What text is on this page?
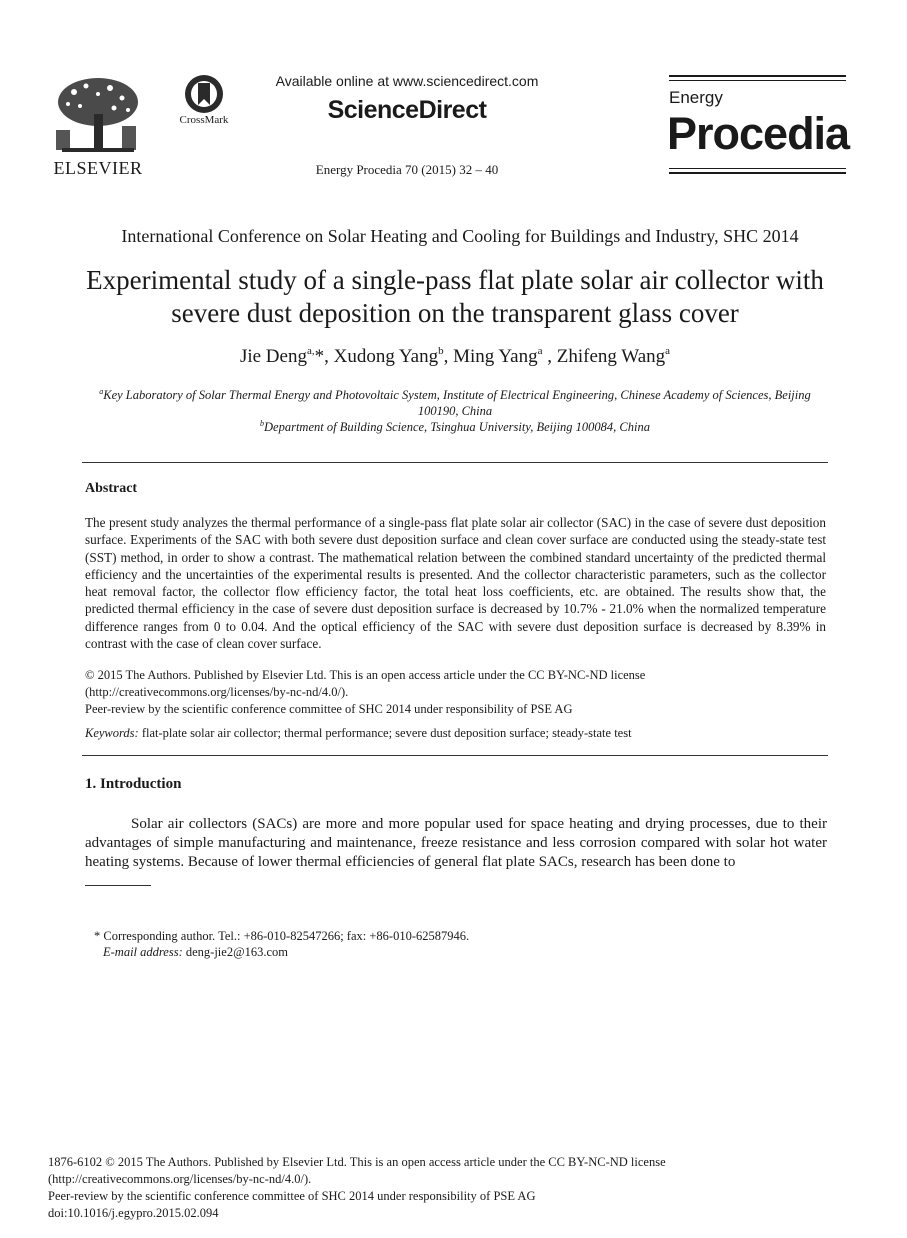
ELSEVIER
CrossMark
Available online at www.sciencedirect.com
ScienceDirect
Energy Procedia 70 (2015) 32 – 40
Energy
Procedia
International Conference on Solar Heating and Cooling for Buildings and Industry, SHC 2014
Experimental study of a single-pass flat plate solar air collector with
severe dust deposition on the transparent glass cover
Jie Deng$^{a,}$*, Xudong Yang$^b$, Ming Yang$^a$ , Zhifeng Wang$^a$
$^a$Key Laboratory of Solar Thermal Energy and Photovoltaic System, Institute of Electrical Engineering, Chinese Academy of Sciences, Beijing 100190, China
$^b$Department of Building Science, Tsinghua University, Beijing 100084, China
Abstract
The present study analyzes the thermal performance of a single-pass flat plate solar air collector (SAC) in the case of severe dust deposition surface. Experiments of the SAC with both severe dust deposition surface and clean cover surface are conducted using the steady-state test (SST) method, in order to show a contrast. The mathematical relation between the combined standard uncertainty of the predicted thermal efficiency and the uncertainties of the experimental results is presented. And the collector characteristic parameters, such as the collector heat removal factor, the collector flow efficiency factor, the total heat loss coefficients, etc. are obtained. The results show that, the predicted thermal efficiency in the case of severe dust deposition surface is decreased by 10.7% - 21.0% when the normalized temperature difference ranges from 0 to 0.04. And the optical efficiency of the SAC with severe dust deposition surface is decreased by 8.39% in contrast with the case of clean cover surface.
© 2015 The Authors. Published by Elsevier Ltd. This is an open access article under the CC BY-NC-ND license
(http://creativecommons.org/licenses/by-nc-nd/4.0/).
Peer-review by the scientific conference committee of SHC 2014 under responsibility of PSE AG
Keywords: flat-plate solar air collector; thermal performance; severe dust deposition surface; steady-state test
1. Introduction
Solar air collectors (SACs) are more and more popular used for space heating and drying processes, due to their advantages of simple manufacturing and maintenance, freeze resistance and less corrosion compared with solar hot water heating systems. Because of lower thermal efficiencies of general flat plate SACs, research has been done to
* Corresponding author. Tel.: +86-010-82547266; fax: +86-010-62587946.
E-mail address: deng-jie2@163.com
1876-6102 © 2015 The Authors. Published by Elsevier Ltd. This is an open access article under the CC BY-NC-ND license
(http://creativecommons.org/licenses/by-nc-nd/4.0/).
Peer-review by the scientific conference committee of SHC 2014 under responsibility of PSE AG
doi:10.1016/j.egypro.2015.02.094
